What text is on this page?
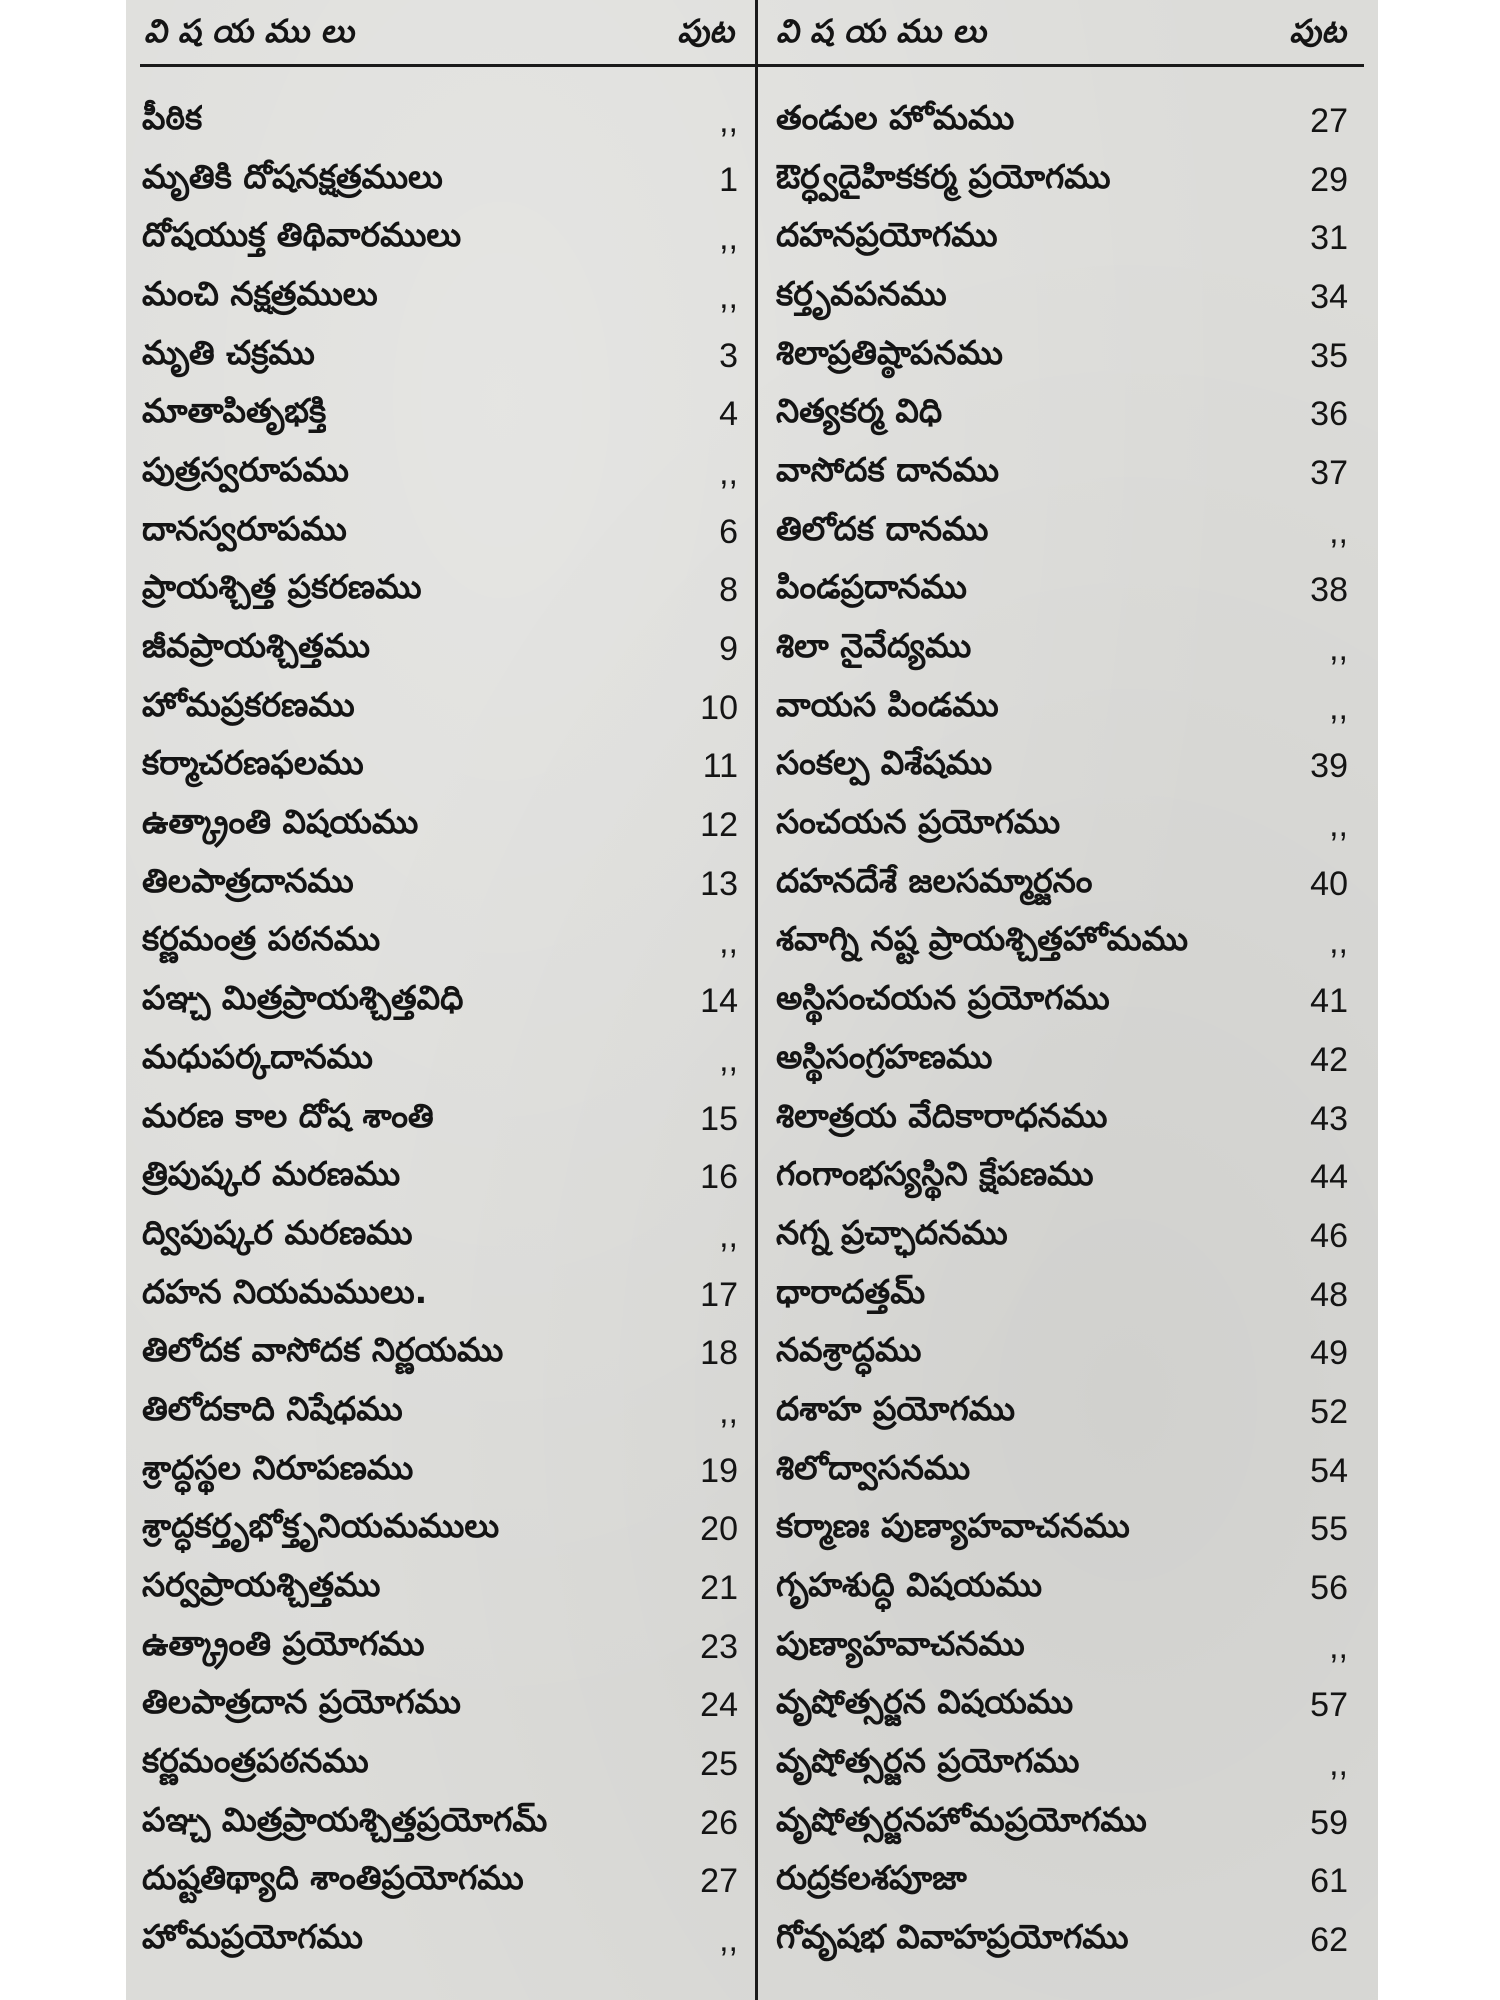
వి ష య ము లు	పుట వి ష య ము లు	పుట
పీఠిక	,,
మృతికి దోషనక్షత్రములు	1
దోషయుక్త తిథివారములు	,,
మంచి నక్షత్రములు	,,
మృతి చక్రము	3
మాతాపితృభక్తి	4
పుత్రస్వరూపము	,,
దానస్వరూపము	6
ప్రాయశ్చిత్త ప్రకరణము	8
జీవప్రాయశ్చిత్తము	9
హోమప్రకరణము	10
కర్మాచరణఫలము	11
ఉత్క్రాంతి విషయము	12
తిలపాత్రదానము	13
కర్ణమంత్ర పఠనము	,,
పఞ్చ మిత్రప్రాయశ్చిత్తవిధి	14
మధుపర్కదానము	,,
మరణ కాల దోష శాంతి	15
త్రిపుష్కర మరణము	16
ద్విపుష్కర మరణము	,,
దహన నియమములు.	17
తిలోదక వాసోదక నిర్ణయము	18
తిలోదకాది నిషేధము	,,
శ్రాద్ధస్థల నిరూపణము	19
శ్రాద్ధకర్తృభోక్తృనియమములు	20
సర్వప్రాయశ్చిత్తము	21
ఉత్క్రాంతి ప్రయోగము	23
తిలపాత్రదాన ప్రయోగము	24
కర్ణమంత్రపఠనము	25
పఞ్చ మిత్రప్రాయశ్చిత్తప్రయోగమ్	26
దుష్టతిథ్యాది శాంతిప్రయోగము	27
హోమప్రయోగము	,,
తండుల హోమము	27
ఔర్ధ్వదైహికకర్మ ప్రయోగము	29
దహనప్రయోగము	31
కర్తృవపనము	34
శిలాప్రతిష్ఠాపనము	35
నిత్యకర్మ విధి	36
వాసోదక దానము	37
తిలోదక దానము	,,
పిండప్రదానము	38
శిలా నైవేద్యము	,,
వాయస పిండము	,,
సంకల్ప విశేషము	39
సంచయన ప్రయోగము	,,
దహనదేశే జలసమ్మార్జనం	40
శవాగ్ని నష్ట ప్రాయశ్చిత్తహోమము	,,
అస్థిసంచయన ప్రయోగము	41
అస్థిసంగ్రహణము	42
శిలాత్రయ వేదికారాధనము	43
గంగాంభస్యస్థిని క్షేపణము	44
నగ్న ప్రచ్ఛాదనము	46
ధారాదత్తమ్	48
నవశ్రాద్ధము	49
దశాహ ప్రయోగము	52
శిలోద్వాసనము	54
కర్మాణః పుణ్యాహవాచనము	55
గృహశుద్ధి విషయము	56
పుణ్యాహవాచనము	,,
వృషోత్సర్జన విషయము	57
వృషోత్సర్జన ప్రయోగము	,,
వృషోత్సర్జనహోమప్రయోగము	59
రుద్రకలశపూజా	61
గోవృషభ వివాహప్రయోగము	62
